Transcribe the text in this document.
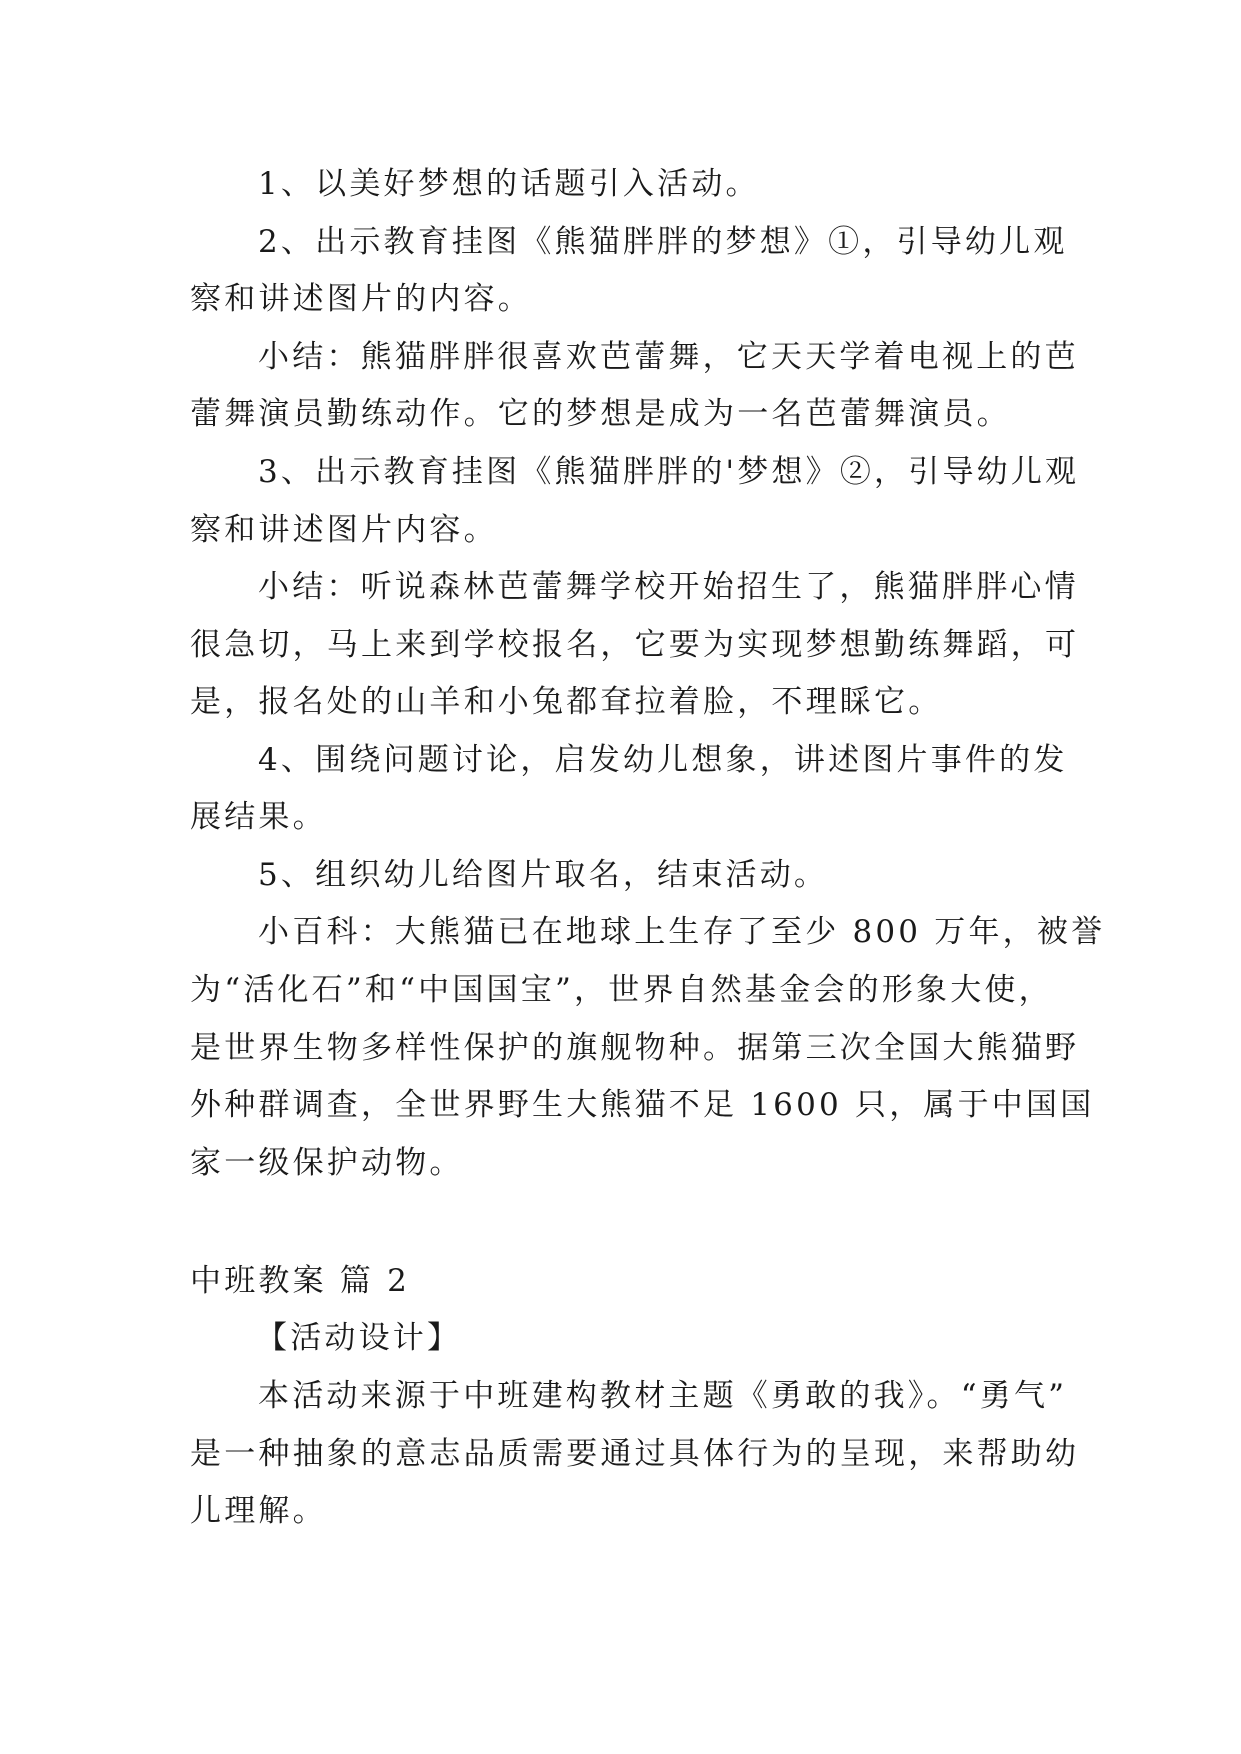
1、以美好梦想的话题引入活动。
2、出示教育挂图《熊猫胖胖的梦想》①，引导幼儿观
察和讲述图片的内容。
小结：熊猫胖胖很喜欢芭蕾舞，它天天学着电视上的芭
蕾舞演员勤练动作。它的梦想是成为一名芭蕾舞演员。
3、出示教育挂图《熊猫胖胖的'梦想》②，引导幼儿观
察和讲述图片内容。
小结：听说森林芭蕾舞学校开始招生了，熊猫胖胖心情
很急切，马上来到学校报名，它要为实现梦想勤练舞蹈，可
是，报名处的山羊和小兔都耷拉着脸，不理睬它。
4、围绕问题讨论，启发幼儿想象，讲述图片事件的发
展结果。
5、组织幼儿给图片取名，结束活动。
小百科：大熊猫已在地球上生存了至少 800 万年，被誉
为“活化石”和“中国国宝”，世界自然基金会的形象大使，
是世界生物多样性保护的旗舰物种。据第三次全国大熊猫野
外种群调查，全世界野生大熊猫不足 1600 只，属于中国国
家一级保护动物。
中班教案 篇 2
【活动设计】
本活动来源于中班建构教材主题《勇敢的我》。“勇气”
是一种抽象的意志品质需要通过具体行为的呈现，来帮助幼
儿理解。
